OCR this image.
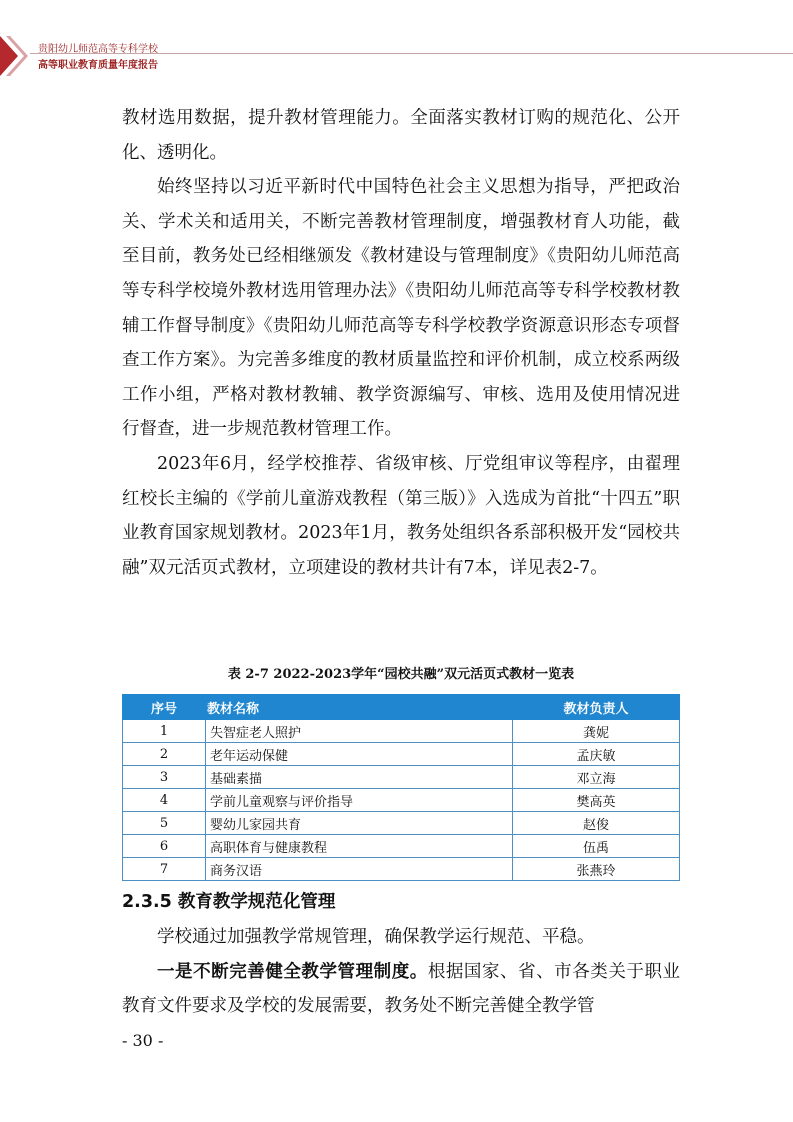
贵阳幼儿师范高等专科学校
高等职业教育质量年度报告

教材选用数据，提升教材管理能力。全面落实教材订购的规范化、公开化、透明化。

始终坚持以习近平新时代中国特色社会主义思想为指导，严把政治关、学术关和适用关，不断完善教材管理制度，增强教材育人功能，截至目前，教务处已经相继颁发《教材建设与管理制度》《贵阳幼儿师范高等专科学校境外教材选用管理办法》《贵阳幼儿师范高等专科学校教材教辅工作督导制度》《贵阳幼儿师范高等专科学校教学资源意识形态专项督查工作方案》。为完善多维度的教材质量监控和评价机制，成立校系两级工作小组，严格对教材教辅、教学资源编写、审核、选用及使用情况进行督查，进一步规范教材管理工作。

2023年6月，经学校推荐、省级审核、厅党组审议等程序，由翟理红校长主编的《学前儿童游戏教程（第三版）》入选成为首批“十四五”职业教育国家规划教材。2023年1月，教务处组织各系部积极开发“园校共融”双元活页式教材，立项建设的教材共计有7本，详见表2-7。

表 2-7 2022-2023学年“园校共融”双元活页式教材一览表
序号	教材名称	教材负责人
1	失智症老人照护	龚妮
2	老年运动保健	孟庆敏
3	基础素描	邓立海
4	学前儿童观察与评价指导	樊高英
5	婴幼儿家园共育	赵俊
6	高职体育与健康教程	伍禹
7	商务汉语	张燕玲
2.3.5 教育教学规范化管理

学校通过加强教学常规管理，确保教学运行规范、平稳。

一是不断完善健全教学管理制度。根据国家、省、市各类关于职业教育文件要求及学校的发展需要，教务处不断完善健全教学管

- 30 -
